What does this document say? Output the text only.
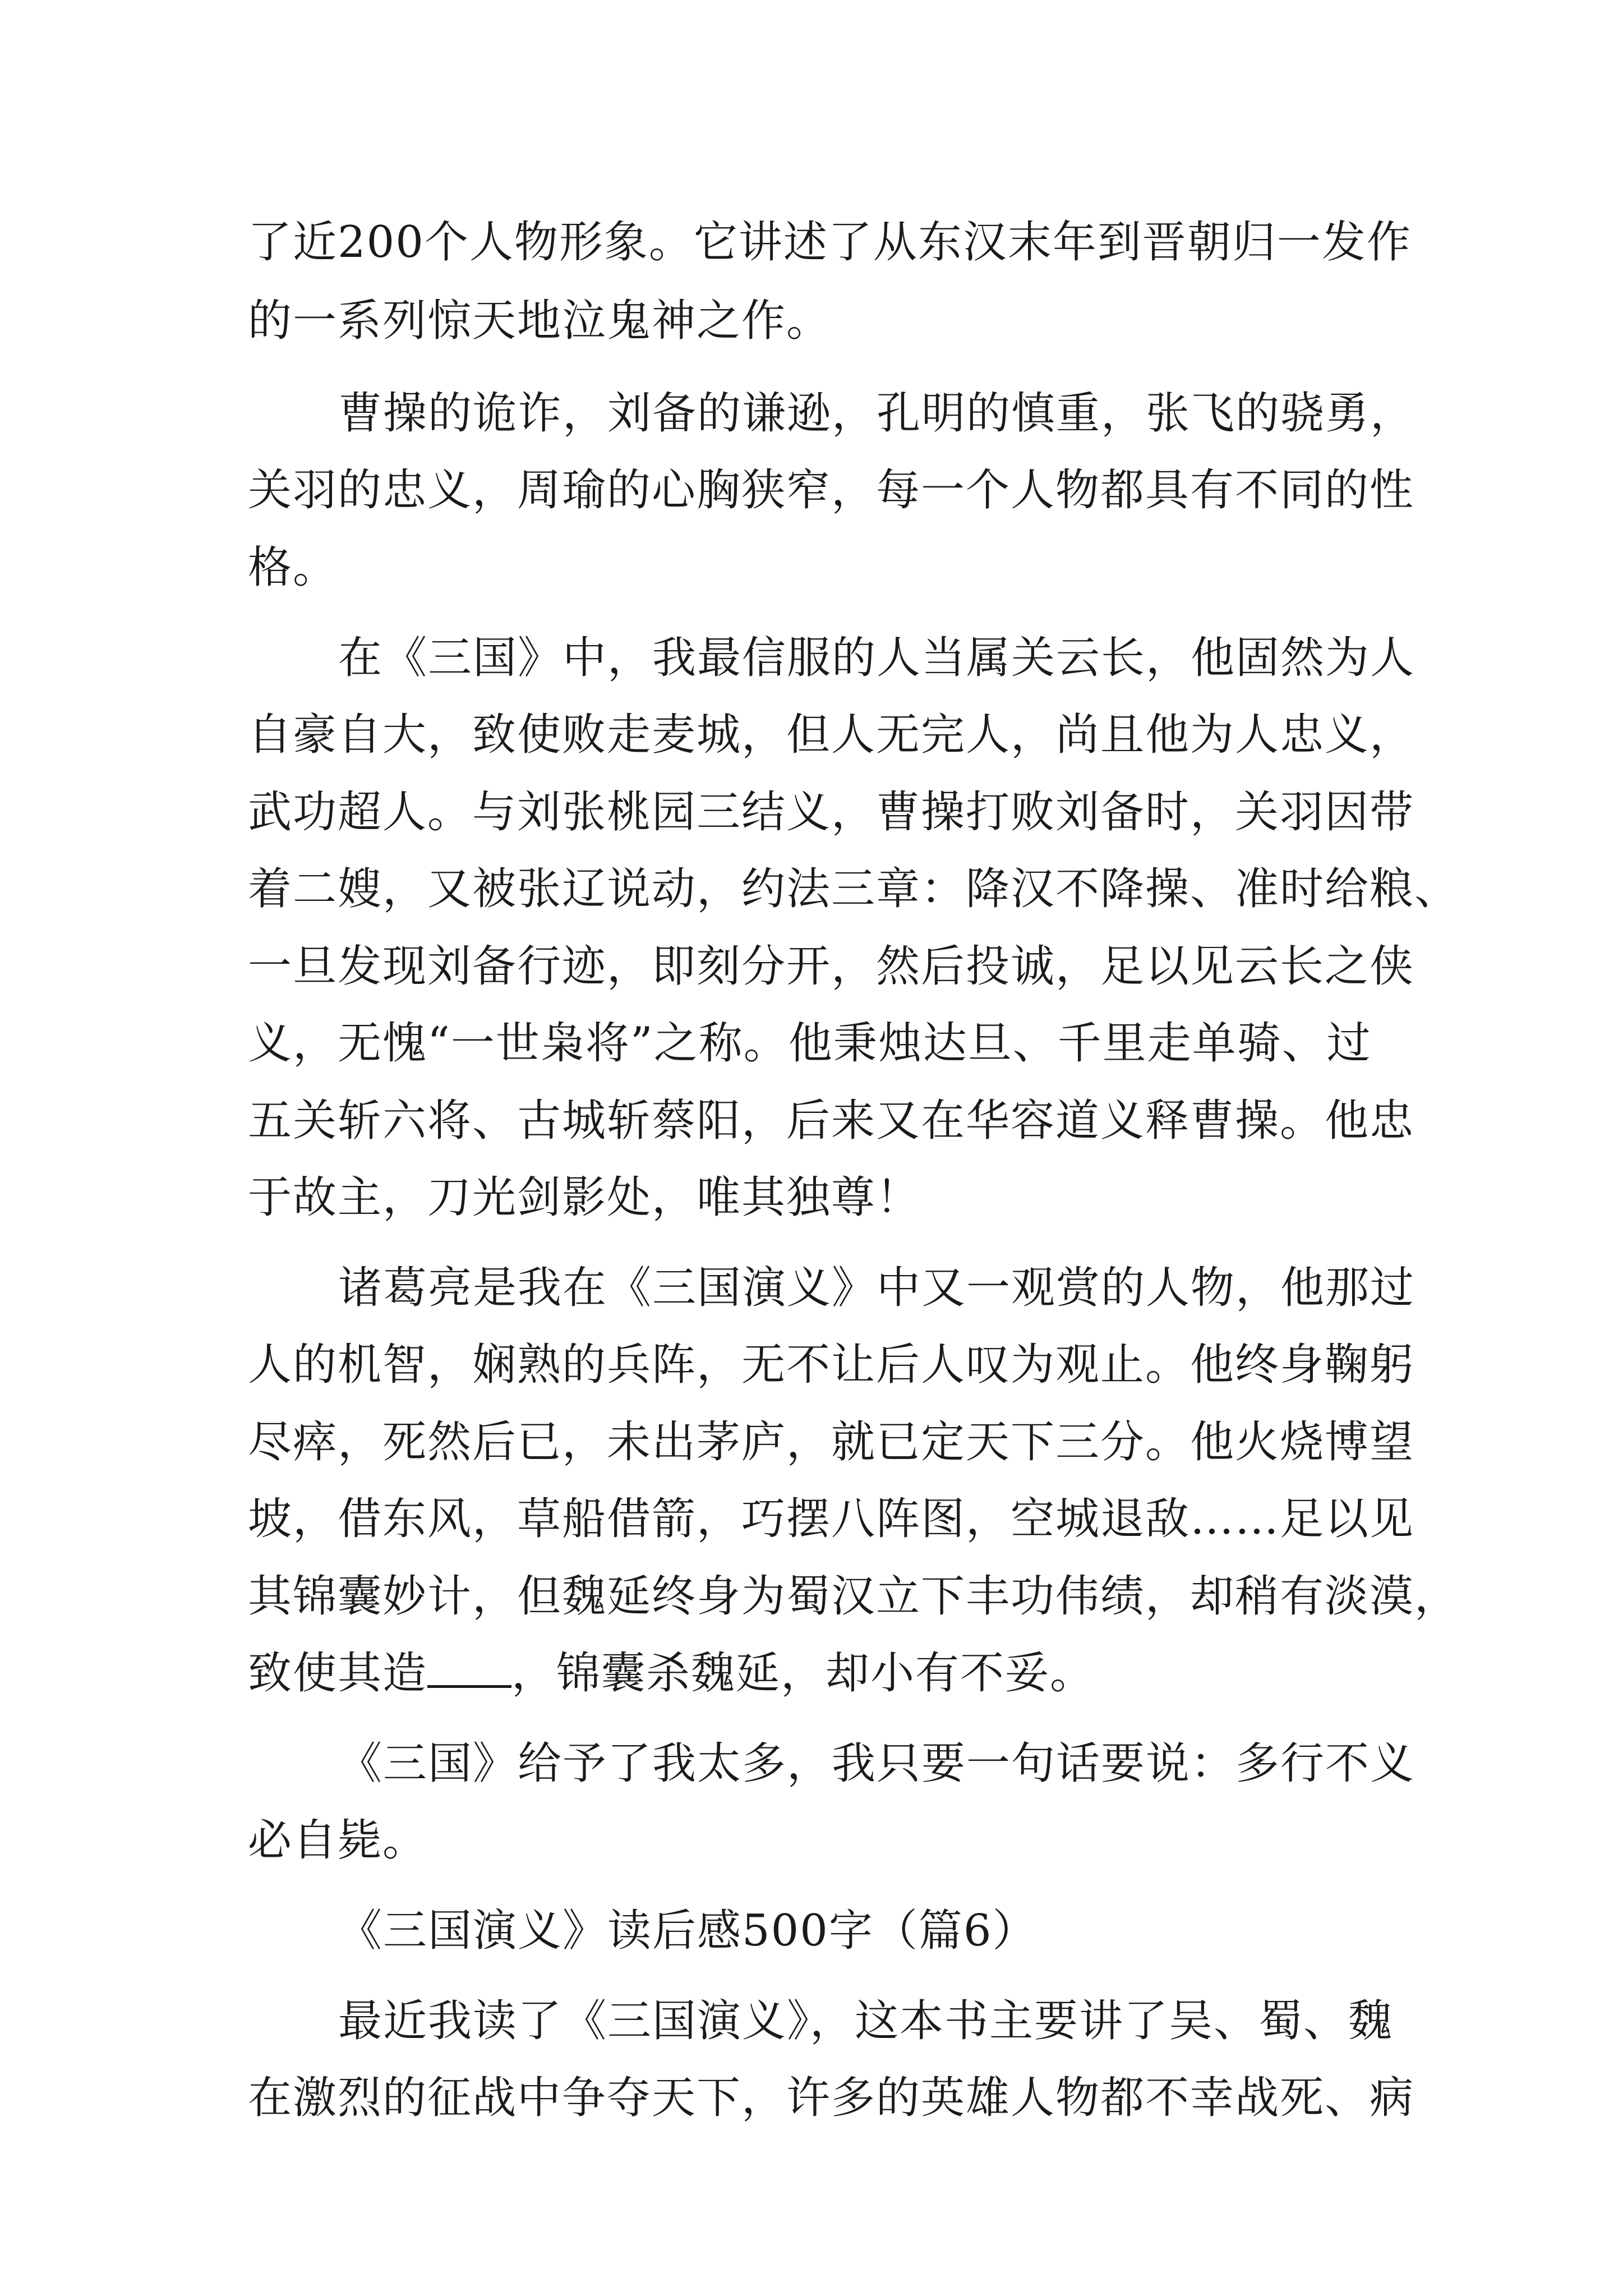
了近200个人物形象。它讲述了从东汉末年到晋朝归一发作
的一系列惊天地泣鬼神之作。
曹操的诡诈，刘备的谦逊，孔明的慎重，张飞的骁勇，
关羽的忠义，周瑜的心胸狭窄，每一个人物都具有不同的性
格。
在《三国》中，我最信服的人当属关云长，他固然为人
自豪自大，致使败走麦城，但人无完人，尚且他为人忠义，
武功超人。与刘张桃园三结义，曹操打败刘备时，关羽因带
着二嫂，又被张辽说动，约法三章：降汉不降操、准时给粮、
一旦发现刘备行迹，即刻分开，然后投诚，足以见云长之侠
义，无愧“一世枭将”之称。他秉烛达旦、千里走单骑、过
五关斩六将、古城斩蔡阳，后来又在华容道义释曹操。他忠
于故主，刀光剑影处，唯其独尊！
诸葛亮是我在《三国演义》中又一观赏的人物，他那过
人的机智，娴熟的兵阵，无不让后人叹为观止。他终身鞠躬
尽瘁，死然后已，未出茅庐，就已定天下三分。他火烧博望
坡，借东风，草船借箭，巧摆八阵图，空城退敌……足以见
其锦囊妙计，但魏延终身为蜀汉立下丰功伟绩，却稍有淡漠，
致使其造 ，锦囊杀魏延，却小有不妥。
《三国》给予了我太多，我只要一句话要说：多行不义
必自毙。
《三国演义》读后感500字（篇6）
最近我读了《三国演义》，这本书主要讲了吴、蜀、魏
在激烈的征战中争夺天下，许多的英雄人物都不幸战死、病
